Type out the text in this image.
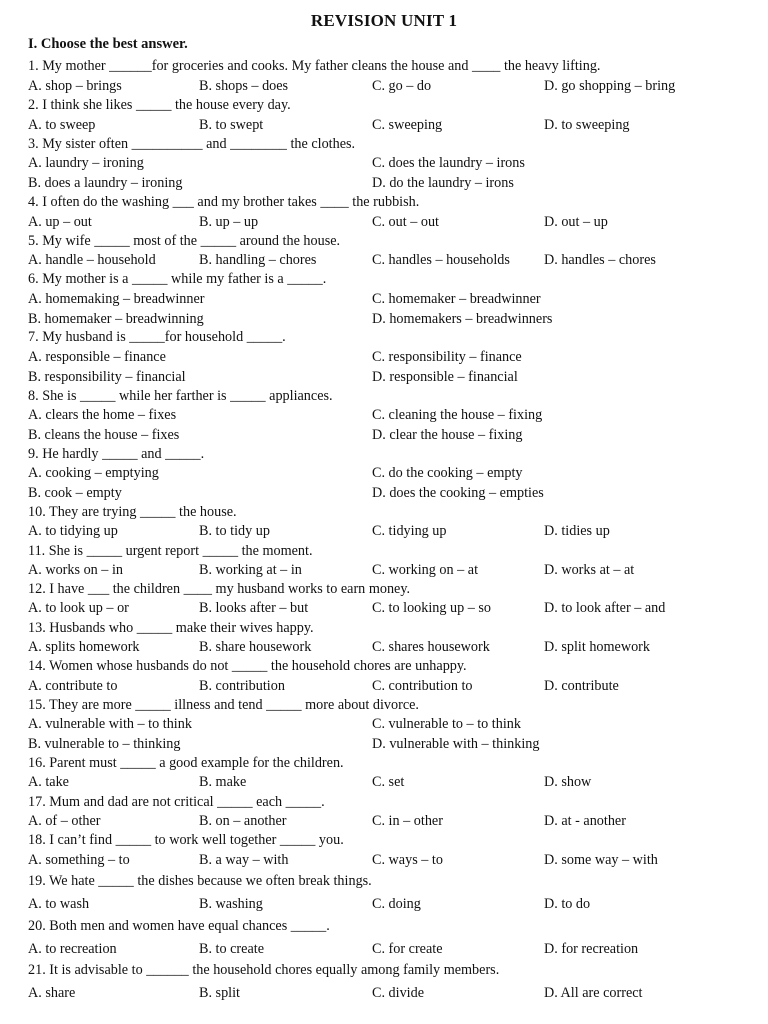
REVISION UNIT 1
I. Choose the best answer.
1. My mother ______for groceries and cooks. My father cleans the house and ____ the heavy lifting.
A. shop – brings	B. shops – does	C. go – do	D. go shopping – bring
2. I think she likes _____ the house every day.
A. to sweep	B. to swept	C. sweeping	D. to sweeping
3. My sister often __________ and ________ the clothes.
A. laundry – ironing	C. does the laundry – irons
B. does a laundry – ironing	D. do the laundry – irons
4. I often do the washing ___ and my brother takes ____ the rubbish.
A. up – out	B. up – up	C. out – out	D. out – up
5. My wife _____ most of the _____ around the house.
A. handle – household	B. handling – chores	C. handles – households D. handles – chores
6. My mother is a _____ while my father is a _____.
A. homemaking – breadwinner	C. homemaker – breadwinner
B. homemaker – breadwinning	D. homemakers – breadwinners
7. My husband is _____for household _____.
A. responsible – finance	C. responsibility – finance
B. responsibility – financial	D. responsible – financial
8. She is _____ while her farther is _____ appliances.
A. clears the home – fixes	C. cleaning the house – fixing
B. cleans the house – fixes	D. clear the house – fixing
9. He hardly _____ and _____.
A. cooking – emptying	C. do the cooking – empty
B. cook – empty	D. does the cooking – empties
10. They are trying _____ the house.
A. to tidying up	B. to tidy up	C. tidying up	D. tidies up
11. She is _____ urgent report _____ the moment.
A. works on – in	B. working at – in	C. working on – at	D. works at – at
12. I have ___ the children ____ my husband works to earn money.
A. to look up – or	B. looks after – but	C. to looking up – so	D. to look after – and
13. Husbands who _____ make their wives happy.
A. splits homework	B. share housework	C. shares housework	D. split homework
14. Women whose husbands do not _____ the household chores are unhappy.
A. contribute to	B. contribution	C. contribution to	D. contribute
15. They are more _____ illness and tend _____ more about divorce.
A. vulnerable with – to think	C. vulnerable to – to think
B. vulnerable to – thinking	D. vulnerable with – thinking
16. Parent must _____ a good example for the children.
A. take	B. make	C. set	D. show
17. Mum and dad are not critical _____ each _____.
A. of – other	B. on – another	C. in – other	D. at - another
18. I can’t find _____ to work well together _____ you.
A. something – to	B. a way – with	C. ways – to	D. some way – with
19. We hate _____ the dishes because we often break things.
A. to wash	B. washing	C. doing	D. to do
20. Both men and women have equal chances _____.
A. to recreation	B. to create	C. for create	D. for recreation
21. It is advisable to ______ the household chores equally among family members.
A. share	B. split	C. divide	D. All are correct
